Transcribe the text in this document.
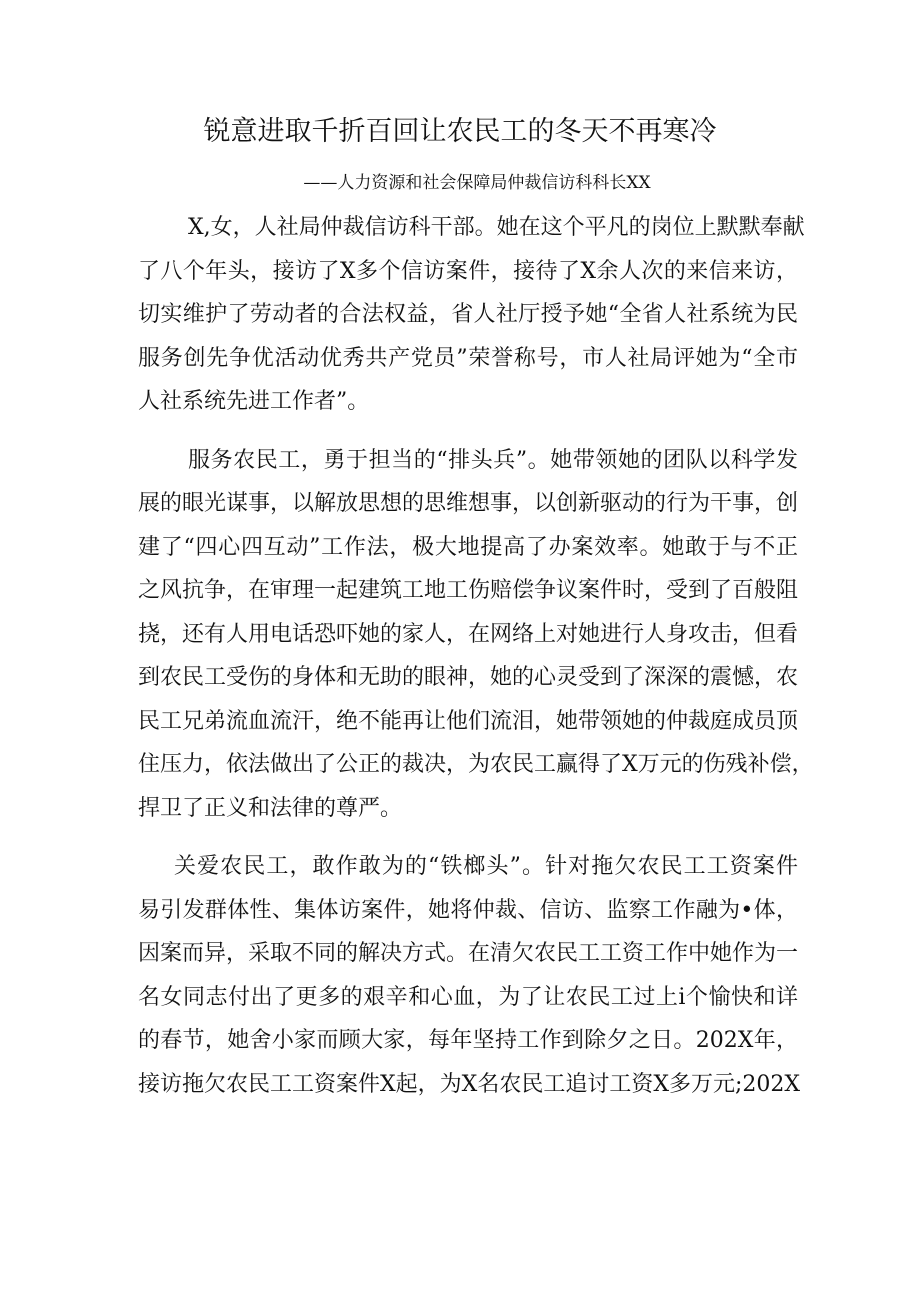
锐意进取千折百回让农民工的冬天不再寒冷

——人力资源和社会保障局仲裁信访科科长XX

X,女，人社局仲裁信访科干部。她在这个平凡的岗位上默默奉献
了八个年头，接访了X多个信访案件，接待了X余人次的来信来访，
切实维护了劳动者的合法权益，省人社厅授予她“全省人社系统为民
服务创先争优活动优秀共产党员”荣誉称号，市人社局评她为“全市
人社系统先进工作者”。
服务农民工，勇于担当的“排头兵”。她带领她的团队以科学发
展的眼光谋事，以解放思想的思维想事，以创新驱动的行为干事，创
建了“四心四互动”工作法，极大地提高了办案效率。她敢于与不正
之风抗争，在审理一起建筑工地工伤赔偿争议案件时，受到了百般阻
挠，还有人用电话恐吓她的家人，在网络上对她进行人身攻击，但看
到农民工受伤的身体和无助的眼神，她的心灵受到了深深的震憾，农
民工兄弟流血流汗，绝不能再让他们流泪，她带领她的仲裁庭成员顶
住压力，依法做出了公正的裁决，为农民工赢得了X万元的伤残补偿，
捍卫了正义和法律的尊严。
关爱农民工，敢作敢为的“铁榔头”。针对拖欠农民工工资案件
易引发群体性、集体访案件，她将仲裁、信访、监察工作融为•体，
因案而异，采取不同的解决方式。在清欠农民工工资工作中她作为一
名女同志付出了更多的艰辛和心血，为了让农民工过上i个愉快和详
的春节，她舍小家而顾大家，每年坚持工作到除夕之日。202X年，
接访拖欠农民工工资案件X起，为X名农民工追讨工资X多万元;202X
